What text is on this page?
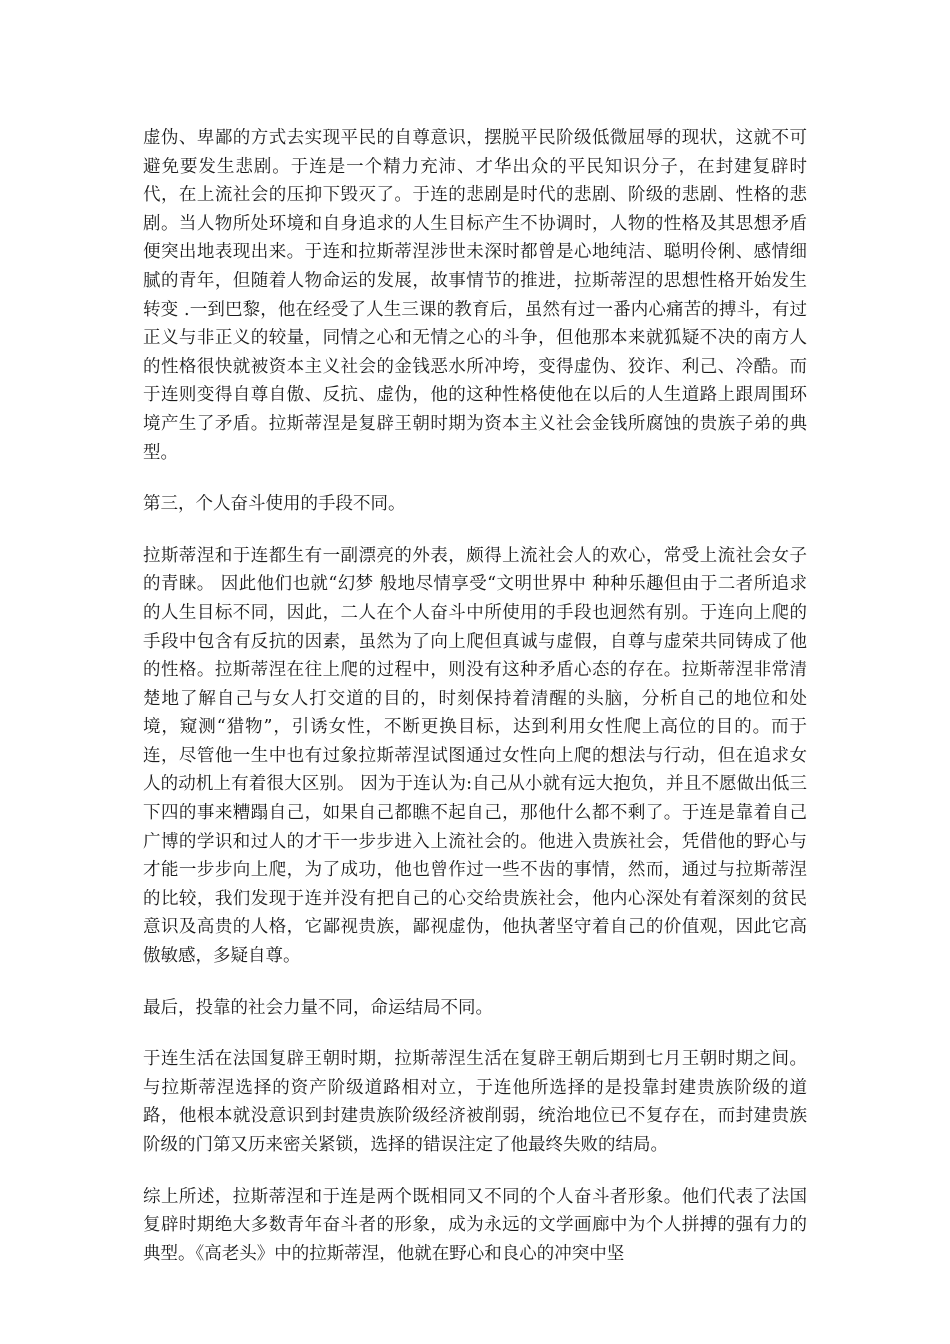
虚伪、卑鄙的方式去实现平民的自尊意识，摆脱平民阶级低微屈辱的现状，这就不可避免要发生悲剧。于连是一个精力充沛、才华出众的平民知识分子，在封建复辟时代，在上流社会的压抑下毁灭了。于连的悲剧是时代的悲剧、阶级的悲剧、性格的悲剧。当人物所处环境和自身追求的人生目标产生不协调时，人物的性格及其思想矛盾便突出地表现出来。于连和拉斯蒂涅涉世未深时都曾是心地纯洁、聪明伶俐、感情细腻的青年，但随着人物命运的发展，故事情节的推进，拉斯蒂涅的思想性格开始发生转变 .一到巴黎，他在经受了人生三课的教育后，虽然有过一番内心痛苦的搏斗，有过正义与非正义的较量，同情之心和无情之心的斗争，但他那本来就狐疑不决的南方人的性格很快就被资本主义社会的金钱恶水所冲垮，变得虚伪、狡诈、利己、冷酷。而于连则变得自尊自傲、反抗、虚伪，他的这种性格使他在以后的人生道路上跟周围环境产生了矛盾。拉斯蒂涅是复辟王朝时期为资本主义社会金钱所腐蚀的贵族子弟的典型。

第三，个人奋斗使用的手段不同。

拉斯蒂涅和于连都生有一副漂亮的外表，颇得上流社会人的欢心，常受上流社会女子的青睐。 因此他们也就“幻梦 般地尽情享受“文明世界中 种种乐趣但由于二者所追求的人生目标不同，因此，二人在个人奋斗中所使用的手段也迥然有别。于连向上爬的手段中包含有反抗的因素，虽然为了向上爬但真诚与虚假，自尊与虚荣共同铸成了他的性格。拉斯蒂涅在往上爬的过程中，则没有这种矛盾心态的存在。拉斯蒂涅非常清楚地了解自己与女人打交道的目的，时刻保持着清醒的头脑，分析自己的地位和处境，窥测“猎物”，引诱女性，不断更换目标，达到利用女性爬上高位的目的。而于连，尽管他一生中也有过象拉斯蒂涅试图通过女性向上爬的想法与行动，但在追求女人的动机上有着很大区别。 因为于连认为:自己从小就有远大抱负，并且不愿做出低三下四的事来糟蹋自己，如果自己都瞧不起自己，那他什么都不剩了。于连是靠着自己广博的学识和过人的才干一步步进入上流社会的。他进入贵族社会，凭借他的野心与才能一步步向上爬，为了成功，他也曾作过一些不齿的事情，然而，通过与拉斯蒂涅的比较，我们发现于连并没有把自己的心交给贵族社会，他内心深处有着深刻的贫民意识及高贵的人格，它鄙视贵族，鄙视虚伪，他执著坚守着自己的价值观，因此它高傲敏感，多疑自尊。

最后，投靠的社会力量不同，命运结局不同。

于连生活在法国复辟王朝时期，拉斯蒂涅生活在复辟王朝后期到七月王朝时期之间。与拉斯蒂涅选择的资产阶级道路相对立，于连他所选择的是投靠封建贵族阶级的道路，他根本就没意识到封建贵族阶级经济被削弱，统治地位已不复存在，而封建贵族阶级的门第又历来密关紧锁，选择的错误注定了他最终失败的结局。

综上所述，拉斯蒂涅和于连是两个既相同又不同的个人奋斗者形象。他们代表了法国复辟时期绝大多数青年奋斗者的形象，成为永远的文学画廊中为个人拼搏的强有力的典型。《高老头》中的拉斯蒂涅，他就在野心和良心的冲突中坚
